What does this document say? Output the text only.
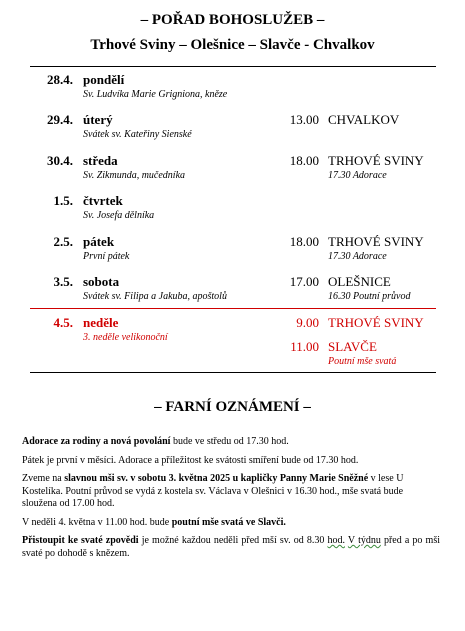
– POŘAD BOHOSLUŽEB –
Trhové Sviny – Olešnice – Slavče - Chvalkov
28.4. pondělí
Sv. Ludvíka Marie Grigniona, kněze
29.4. úterý
Svátek sv. Kateřiny Sienské
13.00 CHVALKOV
30.4. středa
Sv. Zikmunda, mučedníka
18.00 TRHOVÉ SVINY
17.30 Adorace
1.5. čtvrtek
Sv. Josefa dělníka
2.5. pátek
První pátek
18.00 TRHOVÉ SVINY
17.30 Adorace
3.5. sobota
Svátek sv. Filipa a Jakuba, apoštolů
17.00 OLEŠNICE
16.30 Poutní průvod
4.5. neděle
3. neděle velikonoční
9.00 TRHOVÉ SVINY
11.00 SLAVČE
Poutní mše svatá
– FARNÍ OZNÁMENÍ –

Adorace za rodiny a nová povolání bude ve středu od 17.30 hod.

Pátek je první v měsíci. Adorace a příležitost ke svátosti smíření bude od 17.30 hod.

Zveme na slavnou mši sv. v sobotu 3. května 2025 u kapličky Panny Marie Sněžné v lese U Kostelíka. Poutní průvod se vydá z kostela sv. Václava v Olešnici v 16.30 hod., mše svatá bude sloužena od 17.00 hod.

V neděli 4. května v 11.00 hod. bude poutní mše svatá ve Slavči.

Přistoupit ke svaté zpovědi je možné každou neděli před mší sv. od 8.30 hod. V týdnu před a po mši svaté po dohodě s knězem.
